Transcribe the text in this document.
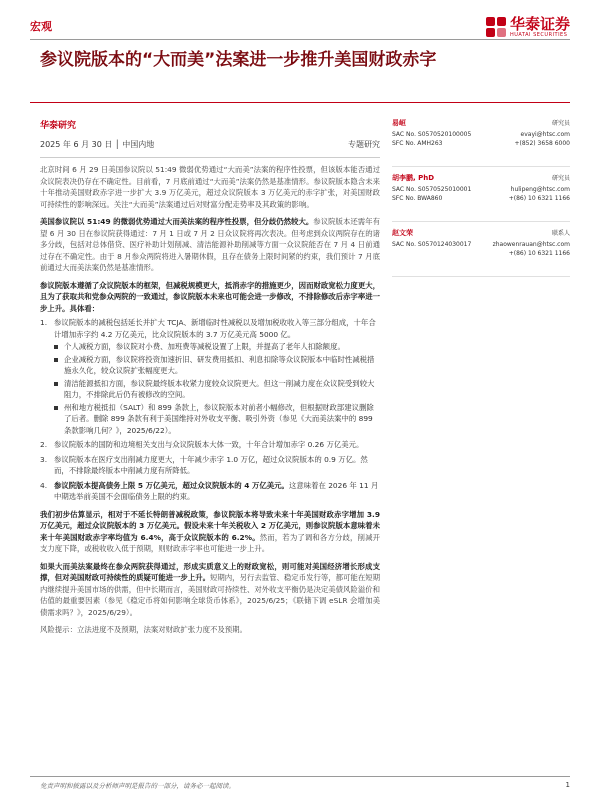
宏观	华泰证券
HUATAI SECURITIES
参议院版本的“大而美”法案进一步推升美国财政赤字
华泰研究
2025 年 6 月 30 日 │ 中国内地	专题研究
北京时间 6 月 29 日美国参议院以 51:49 微弱优势通过“大而美”法案的程序性投票，但该版本能否通过众议院表决仍存在不确定性。目前看，7 月底前通过“大而美”法案仍然是基准情形。参议院版本隐含未来十年推动美国财政赤字进一步扩大 3.9 万亿美元，超过众议院版本 3 万亿美元的赤字扩张，对美国财政可持续性的影响深远。关注“大而美”法案通过后对财富分配走势率及其政策的影响。
美国参议院以 51:49 的微弱优势通过大而美法案的程序性投票，但分歧仍然较大。参议院版本还需年有望 6 月 30 日在参议院获得通过：7 月 1 日或 7 月 2 日众议院将再次表决。但考虑到众议两院存在的诸多分歧，包括对总体借贷、医疗补助计划削减、清洁能源补助削减等方面一众议院能否在 7 月 4 日前通过存在不确定性。由于 8 月参众两院将进入暑期休假，且存在债务上限时间紧的约束，我们预计 7 月底前通过大而美法案仍然是基准情形。
参议院版本遵循了众议院版本的框架，但减税规模更大，抵消赤字的措施更少，因而财政宽松力度更大，且为了获取共和党参众两院的一致通过，参议院版本未来也可能会进一步修改，不排除修改后赤字率进一步上升。具体看：
1. 参议院版本的减税包括延长并扩大 TCJA、新增临时性减税以及增加税收收入等三部分组成，十年合计增加赤字约 4.2 万亿美元，比众议院版本的 3.7 万亿美元高 5000 亿。
个人减税方面，参议院对小费、加班费等减税设置了上限，并提高了老年人扣除额度。
企业减税方面，参议院将投资加速折旧、研发费用抵扣、利息扣除等众议院版本中临时性减税措施永久化，较众议院扩张幅度更大。
清洁能源抵扣方面，参议院最终版本收紧力度较众议院更大。但这一削减力度在众议院受到较大阻力，不排除此后仍有被修改的空间。
州和地方税抵扣（SALT）和 899 条款上，参议院版本对前者小幅修改，但根据财政部建议删除了后者。删除 899 条款有利于美国维持对外收支平衡、吸引外资（参见《大而美法案中的 899 条款影响几何？》，2025/6/22）。
2. 参议院版本的国防和边境相关支出与众议院版本大体一致，十年合计增加赤字 0.26 万亿美元。
3. 参议院版本在医疗支出削减力度更大，十年减少赤字 1.0 万亿，超过众议院版本的 0.9 万亿。然而，不排除最终版本中削减力度有所降低。
4. 参议院版本提高债务上限 5 万亿美元，超过众议院版本的 4 万亿美元。这意味着在 2026 年 11 月中期选举前美国不会面临债务上限的约束。
我们初步估算显示，相对于不延长特朗普减税政策，参议院版本将导致未来十年美国财政赤字增加 3.9 万亿美元，超过众议院版本的 3 万亿美元。假设未来十年关税收入 2 万亿美元，则参议院版本意味着未来十年美国财政赤字率均值为 6.4%，高于众议院版本的 6.2%。然而，若为了调和各方分歧，削减开支力度下降，或税收收入低于预期，则财政赤字率也可能进一步上升。
如果大而美法案最终在参众两院获得通过，形成实质意义上的财政宽松，则可能对美国经济增长形成支撑，但对美国财政可持续性的质疑可能进一步上升。短期内，另行去监管、稳定币发行等，都可能在短期内继续提升美国市场的供需，但中长期而言，美国财政可持续性、对外收支平衡仍是决定美债风险溢价和估值的最重要因素（参见《稳定币将如何影响全球货币体系》，2025/6/25；《联储下调 eSLR 会增加美债需求吗？》，2025/6/29）。
风险提示：立法进度不及预期，法案对财政扩张力度不及预期。
易峘	研究员
SAC No. S0570520100005	evayi@htsc.com
SFC No. AMH263	+(852) 3658 6000
胡李鹏, PhD	研究员
SAC No. S0570525010001	hulipeng@htsc.com
SFC No. BWA860	+(86) 10 6321 1166
赵文荣	联系人
SAC No. S0570124030017	zhaowenrauan@htsc.com
+(86) 10 6321 1166
免责声明和披露以及分析师声明是报告的一部分，请务必一起阅读。	1
